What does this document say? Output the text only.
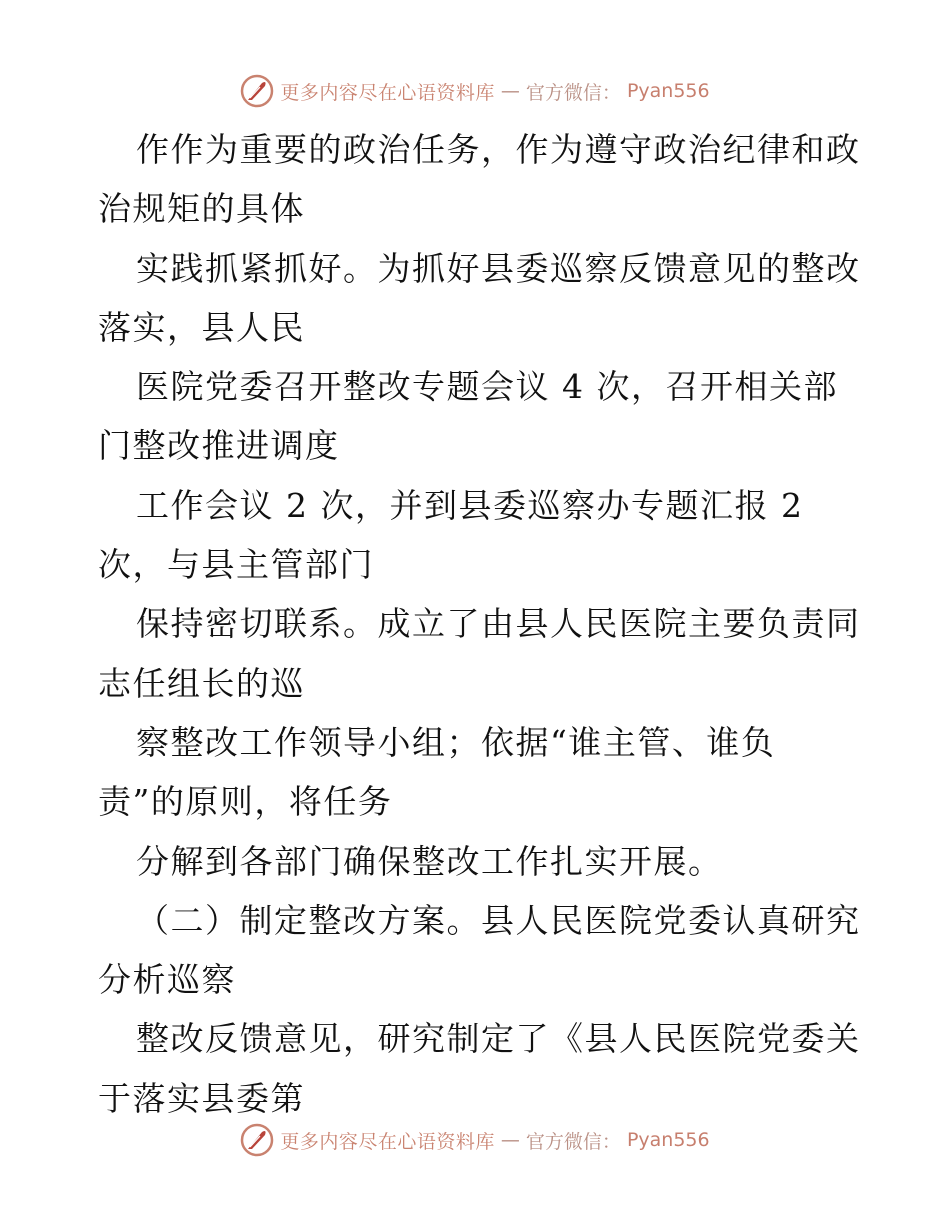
更多内容尽在心语资料库 — 官方微信： Pyan556
作作为重要的政治任务，作为遵守政治纪律和政
治规矩的具体
实践抓紧抓好。为抓好县委巡察反馈意见的整改
落实，县人民
医院党委召开整改专题会议 4 次，召开相关部
门整改推进调度
工作会议 2 次，并到县委巡察办专题汇报 2
次，与县主管部门
保持密切联系。成立了由县人民医院主要负责同
志任组长的巡
察整改工作领导小组；依据“谁主管、谁负
责”的原则，将任务
分解到各部门确保整改工作扎实开展。
（二）制定整改方案。县人民医院党委认真研究
分析巡察
整改反馈意见，研究制定了《县人民医院党委关
于落实县委第
更多内容尽在心语资料库 — 官方微信： Pyan556
